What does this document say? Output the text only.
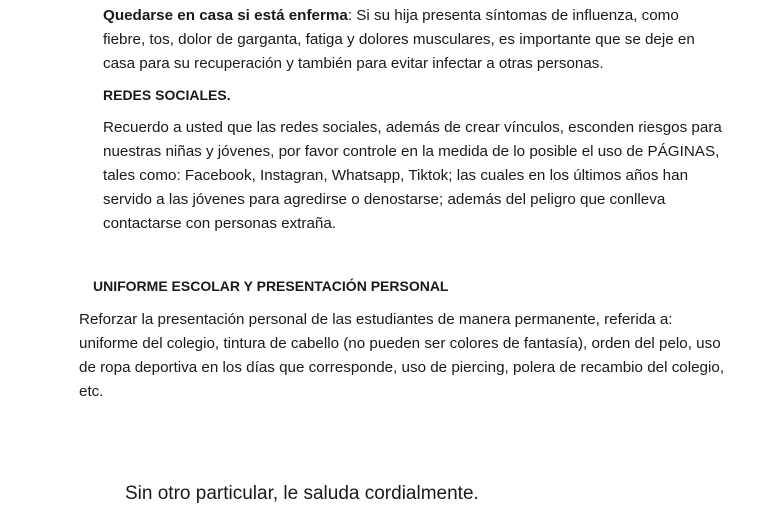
Quedarse en casa si está enferma: Si su hija presenta síntomas de influenza, como fiebre, tos, dolor de garganta, fatiga y dolores musculares, es importante que se deje en casa para su recuperación y también para evitar infectar a otras personas.

REDES SOCIALES.

Recuerdo a usted que las redes sociales, además de crear vínculos, esconden riesgos para nuestras niñas y jóvenes, por favor controle en la medida de lo posible el uso de PÁGINAS, tales como: Facebook, Instagran, Whatsapp, Tiktok; las cuales en los últimos años han servido a las jóvenes para agredirse o denostarse; además del peligro que conlleva contactarse con personas extraña.

UNIFORME ESCOLAR Y PRESENTACIÓN PERSONAL

Reforzar la presentación personal de las estudiantes de manera permanente, referida a: uniforme del colegio, tintura de cabello (no pueden ser colores de fantasía), orden del pelo, uso de ropa deportiva en los días que corresponde, uso de piercing, polera de recambio del colegio, etc.

Sin otro particular, le saluda cordialmente.
